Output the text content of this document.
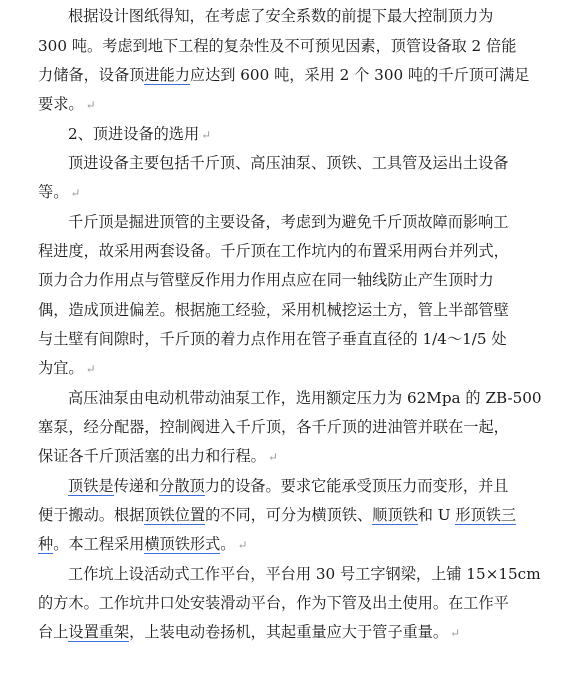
根据设计图纸得知，在考虑了安全系数的前提下最大控制顶力为
300 吨。考虑到地下工程的复杂性及不可预见因素，顶管设备取 2 倍能
力储备，设备顶进能力应达到 600 吨，采用 2 个 300 吨的千斤顶可满足
要求。 ↵
2、顶进设备的选用 ↵
顶进设备主要包括千斤顶、高压油泵、顶铁、工具管及运出土设备
等。 ↵
千斤顶是掘进顶管的主要设备，考虑到为避免千斤顶故障而影响工
程进度，故采用两套设备。千斤顶在工作坑内的布置采用两台并列式，
顶力合力作用点与管壁反作用力作用点应在同一轴线防止产生顶时力
偶，造成顶进偏差。根据施工经验，采用机械挖运土方，管上半部管壁
与土壁有间隙时，千斤顶的着力点作用在管子垂直直径的 1/4～1/5 处
为宜。 ↵
高压油泵由电动机带动油泵工作，选用额定压力为 62Mpa 的 ZB-500
塞泵，经分配器，控制阀进入千斤顶，各千斤顶的进油管并联在一起，
保证各千斤顶活塞的出力和行程。 ↵
顶铁是传递和分散顶力的设备。要求它能承受顶压力而变形，并且
便于搬动。根据顶铁位置的不同，可分为横顶铁、顺顶铁和 U 形顶铁三
种。本工程采用横顶铁形式。 ↵
工作坑上设活动式工作平台，平台用 30 号工字钢梁，上铺 15×15cm
的方木。工作坑井口处安装滑动平台，作为下管及出土使用。在工作平
台上设置重架，上装电动卷扬机，其起重量应大于管子重量。 ↵
